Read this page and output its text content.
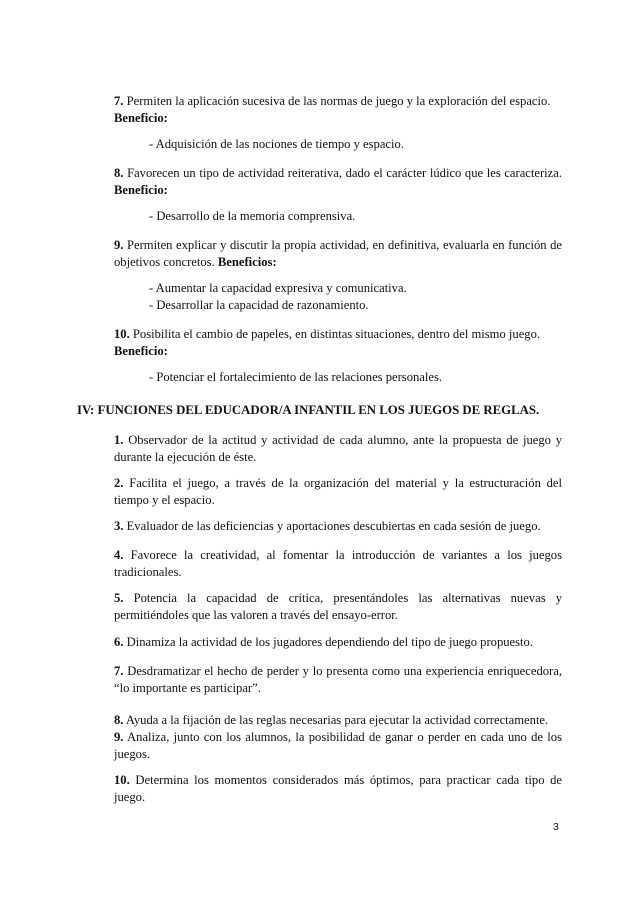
7. Permiten la aplicación sucesiva de las normas de juego y la exploración del espacio.
Beneficio:

- Adquisición de las nociones de tiempo y espacio.

8. Favorecen un tipo de actividad reiterativa, dado el carácter lúdico que les caracteriza. Beneficio:

- Desarrollo de la memoria comprensiva.

9. Permiten explicar y discutir la propia actividad, en definitiva, evaluarla en función de objetivos concretos. Beneficios:

- Aumentar la capacidad expresiva y comunicativa.

- Desarrollar la capacidad de razonamiento.

10. Posibilita el cambio de papeles, en distintas situaciones, dentro del mismo juego.
Beneficio:

- Potenciar el fortalecimiento de las relaciones personales.

IV: FUNCIONES DEL EDUCADOR/A INFANTIL EN LOS JUEGOS DE REGLAS.

1. Observador de la actitud y actividad de cada alumno, ante la propuesta de juego y durante la ejecución de éste.

2. Facilita el juego, a través de la organización del material y la estructuración del tiempo y el espacio.

3. Evaluador de las deficiencias y aportaciones descubiertas en cada sesión de juego.

4. Favorece la creatividad, al fomentar la introducción de variantes a los juegos tradicionales.

5. Potencia la capacidad de crítica, presentándoles las alternativas nuevas y permitiéndoles que las valoren a través del ensayo-error.

6. Dinamiza la actividad de los jugadores dependiendo del tipo de juego propuesto.

7. Desdramatizar el hecho de perder y lo presenta como una experiencia enriquecedora, “lo importante es participar”.

8. Ayuda a la fijación de las reglas necesarias para ejecutar la actividad correctamente.

9. Analiza, junto con los alumnos, la posibilidad de ganar o perder en cada uno de los juegos.

10. Determina los momentos considerados más óptimos, para practicar cada tipo de juego.

3
